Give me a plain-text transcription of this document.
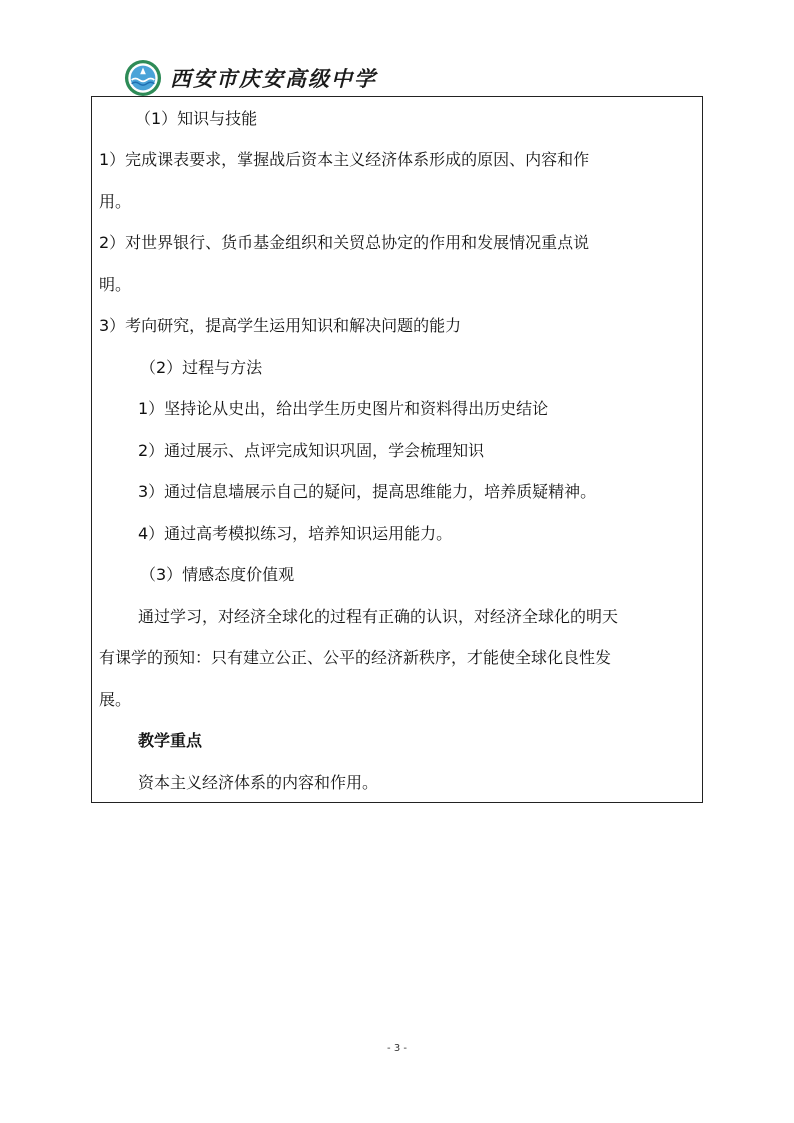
西安市庆安高级中学
（1）知识与技能
1）完成课表要求，掌握战后资本主义经济体系形成的原因、内容和作
用。
2）对世界银行、货币基金组织和关贸总协定的作用和发展情况重点说
明。
3）考向研究，提高学生运用知识和解决问题的能力
（2）过程与方法
1）坚持论从史出，给出学生历史图片和资料得出历史结论
2）通过展示、点评完成知识巩固，学会梳理知识
3）通过信息墙展示自己的疑问，提高思维能力，培养质疑精神。
4）通过高考模拟练习，培养知识运用能力。
（3）情感态度价值观
通过学习，对经济全球化的过程有正确的认识，对经济全球化的明天
有课学的预知：只有建立公正、公平的经济新秩序，才能使全球化良性发
展。
教学重点
资本主义经济体系的内容和作用。
- 3 -
